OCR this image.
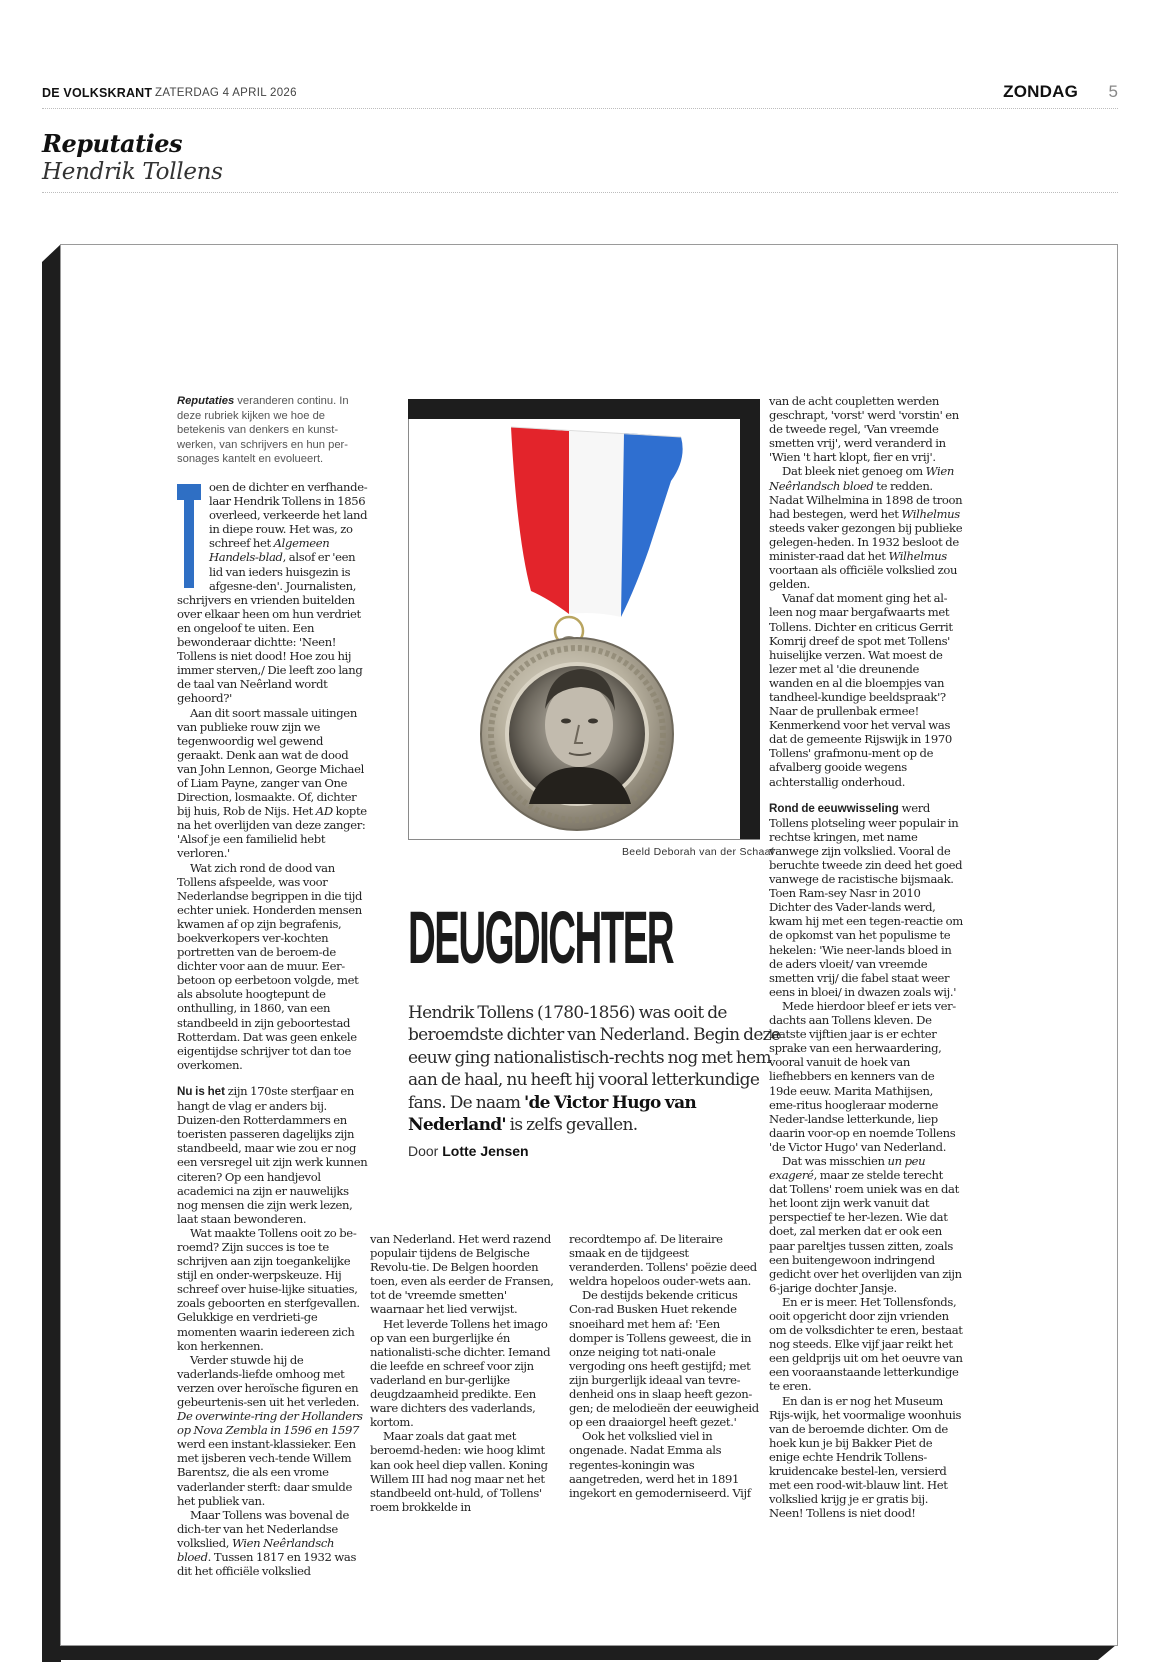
DE VOLKSKRANT ZATERDAG 4 APRIL 2026	ZONDAG 5
Reputaties
Hendrik Tollens
Reputaties veranderen continu. In deze rubriek kijken we hoe de betekenis van denkers en kunst-werken, van schrijvers en hun per-sonages kantelt en evolueert.

oen de dichter en verfhande-laar Hendrik Tollens in 1856 overleed, verkeerde het land in diepe rouw. Het was, zo schreef het Algemeen Handels-blad, alsof er 'een lid van ieders huisgezin is afgesne-den'. Journalisten, schrijvers en vrienden buitelden over elkaar heen om hun verdriet en ongeloof te uiten. Een bewonderaar dichtte: 'Neen! Tollens is niet dood! Hoe zou hij immer sterven,/ Die leeft zoo lang de taal van Neêrland wordt gehoord?'

Aan dit soort massale uitingen van publieke rouw zijn we tegenwoordig wel gewend geraakt. Denk aan wat de dood van John Lennon, George Michael of Liam Payne, zanger van One Direction, losmaakte. Of, dichter bij huis, Rob de Nijs. Het AD kopte na het overlijden van deze zanger: 'Alsof je een familielid hebt verloren.'

Wat zich rond de dood van Tollens afspeelde, was voor Nederlandse begrippen in die tijd echter uniek. Honderden mensen kwamen af op zijn begrafenis, boekverkopers ver-kochten portretten van de beroem-de dichter voor aan de muur. Eer-betoon op eerbetoon volgde, met als absolute hoogtepunt de onthulling, in 1860, van een standbeeld in zijn geboortestad Rotterdam. Dat was geen enkele eigentijdse schrijver tot dan toe overkomen.

Nu is het zijn 170ste sterfjaar en hangt de vlag er anders bij. Duizen-den Rotterdammers en toeristen passeren dagelijks zijn standbeeld, maar wie zou er nog een versregel uit zijn werk kunnen citeren? Op een handjevol academici na zijn er nauwelijks nog mensen die zijn werk lezen, laat staan bewonderen.

Wat maakte Tollens ooit zo be-roemd? Zijn succes is toe te schrijven aan zijn toegankelijke stijl en onder-werpskeuze. Hij schreef over huise-lijke situaties, zoals geboorten en sterfgevallen. Gelukkige en verdrieti-ge momenten waarin iedereen zich kon herkennen.

Verder stuwde hij de vaderlands-liefde omhoog met verzen over heroïsche figuren en gebeurtenis-sen uit het verleden. De overwinte-ring der Hollanders op Nova Zembla in 1596 en 1597 werd een instant-klassieker. Een met ijsberen vech-tende Willem Barentsz, die als een vrome vaderlander sterft: daar smulde het publiek van.

Maar Tollens was bovenal de dich-ter van het Nederlandse volkslied, Wien Neêrlandsch bloed. Tussen 1817 en 1932 was dit het officiële volkslied

Beeld Deborah van der Schaaf
DEUGDICHTER
Hendrik Tollens (1780-1856) was ooit de beroemdste dichter van Nederland. Begin deze eeuw ging nationalistisch-rechts nog met hem aan de haal, nu heeft hij vooral letterkundige fans. De naam 'de Victor Hugo van Nederland' is zelfs gevallen.
Door Lotte Jensen

van Nederland. Het werd razend populair tijdens de Belgische Revolu-tie. De Belgen hoorden toen, even als eerder de Fransen, tot de 'vreemde smetten' waarnaar het lied verwijst.

Het leverde Tollens het imago op van een burgerlijke én nationalisti-sche dichter. Iemand die leefde en schreef voor zijn vaderland en bur-gerlijke deugdzaamheid predikte. Een ware dichters des vaderlands, kortom.

Maar zoals dat gaat met beroemd-heden: wie hoog klimt kan ook heel diep vallen. Koning Willem III had nog maar net het standbeeld ont-huld, of Tollens' roem brokkelde in

recordtempo af. De literaire smaak en de tijdgeest veranderden. Tollens' poëzie deed weldra hopeloos ouder-wets aan.

De destijds bekende criticus Con-rad Busken Huet rekende snoeihard met hem af: 'Een domper is Tollens geweest, die in onze neiging tot nati-onale vergoding ons heeft gestijfd; met zijn burgerlijk ideaal van tevre-denheid ons in slaap heeft gezon-gen; de melodieën der eeuwigheid op een draaiorgel heeft gezet.'

Ook het volkslied viel in ongenade. Nadat Emma als regentes-koningin was aangetreden, werd het in 1891 ingekort en gemoderniseerd. Vijf

van de acht coupletten werden geschrapt, 'vorst' werd 'vorstin' en de tweede regel, 'Van vreemde smetten vrij', werd veranderd in 'Wien 't hart klopt, fier en vrij'.

Dat bleek niet genoeg om Wien Neêrlandsch bloed te redden. Nadat Wilhelmina in 1898 de troon had bestegen, werd het Wilhelmus steeds vaker gezongen bij publieke gelegen-heden. In 1932 besloot de minister-raad dat het Wilhelmus voortaan als officiële volkslied zou gelden.

Vanaf dat moment ging het al-leen nog maar bergafwaarts met Tollens. Dichter en criticus Gerrit Komrij dreef de spot met Tollens' huiselijke verzen. Wat moest de lezer met al 'die dreunende wanden en al die bloempjes van tandheel-kundige beeldspraak'? Naar de prullenbak ermee! Kenmerkend voor het verval was dat de gemeente Rijswijk in 1970 Tollens' grafmonu-ment op de afvalberg gooide wegens achterstallig onderhoud.

Rond de eeuwwisseling werd Tollens plotseling weer populair in rechtse kringen, met name vanwege zijn volkslied. Vooral de beruchte tweede zin deed het goed vanwege de racistische bijsmaak. Toen Ram-sey Nasr in 2010 Dichter des Vader-lands werd, kwam hij met een tegen-reactie om de opkomst van het populisme te hekelen: 'Wie neer-lands bloed in de aders vloeit/ van vreemde smetten vrij/ die fabel staat weer eens in bloei/ in dwazen zoals wij.'

Mede hierdoor bleef er iets ver-dachts aan Tollens kleven. De laatste vijftien jaar is er echter sprake van een herwaardering, vooral vanuit de hoek van liefhebbers en kenners van de 19de eeuw. Marita Mathijsen, eme-ritus hoogleraar moderne Neder-landse letterkunde, liep daarin voor-op en noemde Tollens 'de Victor Hugo' van Nederland.

Dat was misschien un peu exageré, maar ze stelde terecht dat Tollens' roem uniek was en dat het loont zijn werk vanuit dat perspectief te her-lezen. Wie dat doet, zal merken dat er ook een paar pareltjes tussen zitten, zoals een buitengewoon indringend gedicht over het overlijden van zijn 6-jarige dochter Jansje.

En er is meer. Het Tollensfonds, ooit opgericht door zijn vrienden om de volksdichter te eren, bestaat nog steeds. Elke vijf jaar reikt het een geldprijs uit om het oeuvre van een vooraanstaande letterkundige te eren.

En dan is er nog het Museum Rijs-wijk, het voormalige woonhuis van de beroemde dichter. Om de hoek kun je bij Bakker Piet de enige echte Hendrik Tollens-kruidencake bestel-len, versierd met een rood-wit-blauw lint. Het volkslied krijg je er gratis bij. Neen! Tollens is niet dood!
